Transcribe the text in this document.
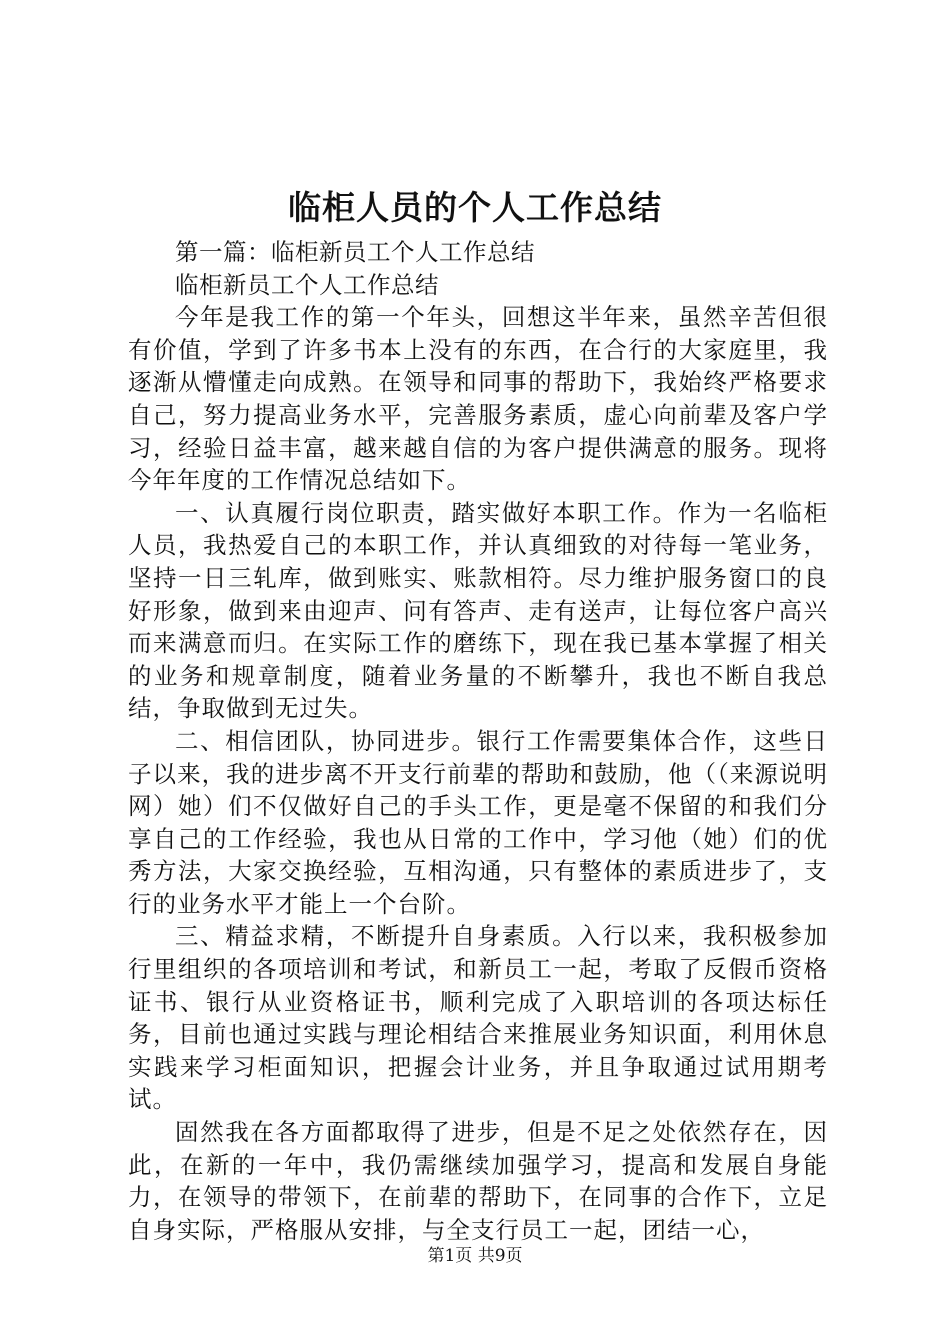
临柜人员的个人工作总结

第一篇：临柜新员工个人工作总结

临柜新员工个人工作总结

今年是我工作的第一个年头，回想这半年来，虽然辛苦但很有价值，学到了许多书本上没有的东西，在合行的大家庭里，我逐渐从懵懂走向成熟。在领导和同事的帮助下，我始终严格要求自己，努力提高业务水平，完善服务素质，虚心向前辈及客户学习，经验日益丰富，越来越自信的为客户提供满意的服务。现将今年年度的工作情况总结如下。

一、认真履行岗位职责，踏实做好本职工作。作为一名临柜人员，我热爱自己的本职工作，并认真细致的对待每一笔业务，坚持一日三轧库，做到账实、账款相符。尽力维护服务窗口的良好形象，做到来由迎声、问有答声、走有送声，让每位客户高兴而来满意而归。在实际工作的磨练下，现在我已基本掌握了相关的业务和规章制度，随着业务量的不断攀升，我也不断自我总结，争取做到无过失。

二、相信团队，协同进步。银行工作需要集体合作，这些日子以来，我的进步离不开支行前辈的帮助和鼓励，他（（来源说明网）她）们不仅做好自己的手头工作，更是毫不保留的和我们分享自己的工作经验，我也从日常的工作中，学习他（她）们的优秀方法，大家交换经验，互相沟通，只有整体的素质进步了，支行的业务水平才能上一个台阶。

三、精益求精，不断提升自身素质。入行以来，我积极参加行里组织的各项培训和考试，和新员工一起，考取了反假币资格证书、银行从业资格证书，顺利完成了入职培训的各项达标任务，目前也通过实践与理论相结合来推展业务知识面，利用休息实践来学习柜面知识，把握会计业务，并且争取通过试用期考试。

固然我在各方面都取得了进步，但是不足之处依然存在，因此，在新的一年中，我仍需继续加强学习，提高和发展自身能力，在领导的带领下，在前辈的帮助下，在同事的合作下，立足自身实际，严格服从安排，与全支行员工一起，团结一心，

第1页 共9页
